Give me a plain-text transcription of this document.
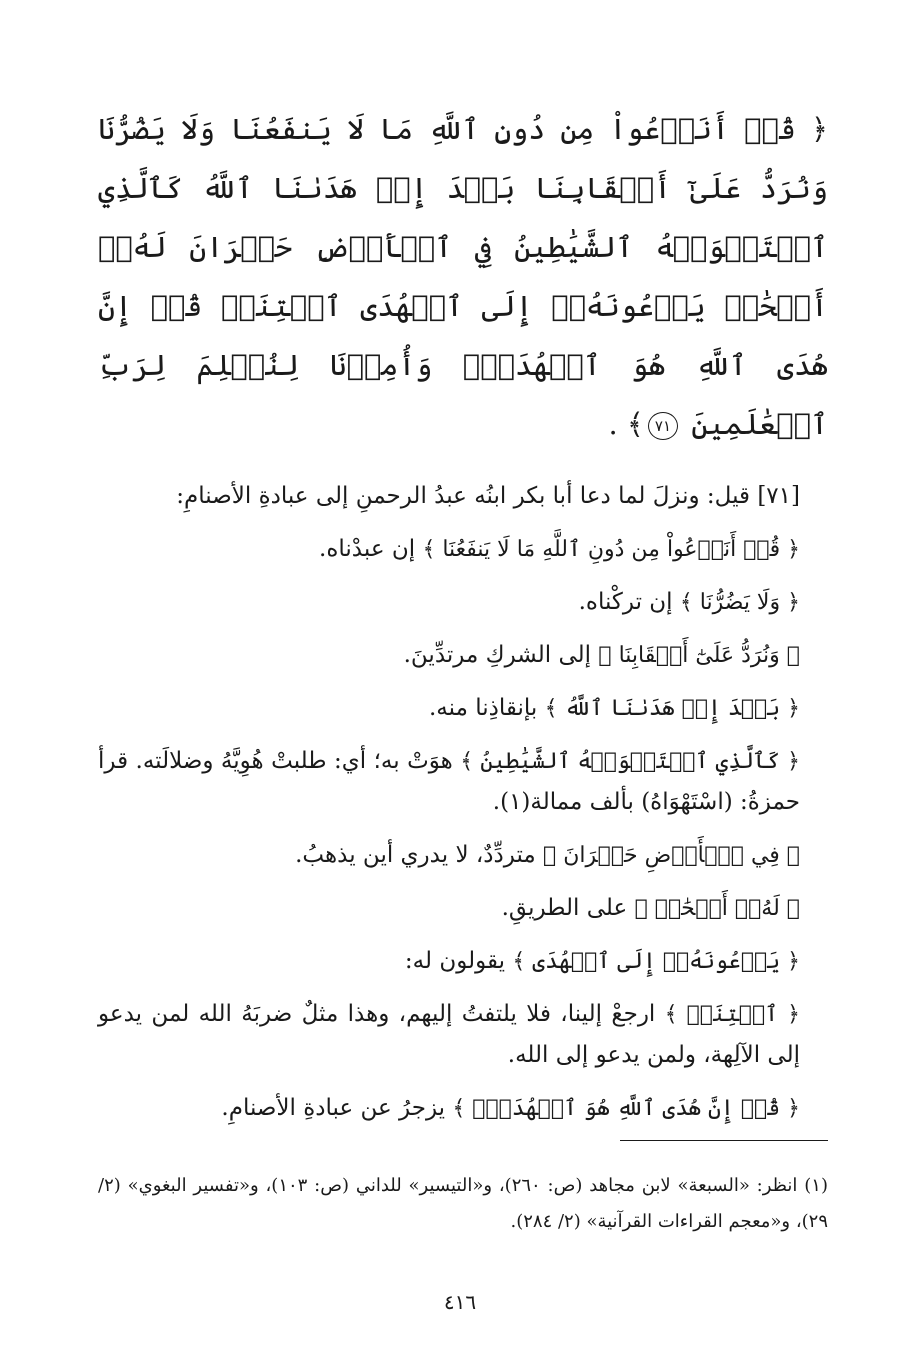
﴿ قُلۡ أَنَدۡعُواْ مِن دُونِ ٱللَّهِ مَا لَا يَنفَعُنَا وَلَا يَضُرُّنَا وَنُرَدُّ عَلَىٰٓ أَعۡقَابِنَا بَعۡدَ إِذۡ هَدَىٰنَا ٱللَّهُ كَٱلَّذِي ٱسۡتَهۡوَتۡهُ ٱلشَّيَٰطِينُ فِي ٱلۡأَرۡضِ حَيۡرَانَ لَهُۥٓ أَصۡحَٰبٞ يَدۡعُونَهُۥٓ إِلَى ٱلۡهُدَى ٱئۡتِنَاۗ قُلۡ إِنَّ هُدَى ٱللَّهِ هُوَ ٱلۡهُدَىٰۖ وَأُمِرۡنَا لِنُسۡلِمَ لِرَبِّ ٱلۡعَٰلَمِينَ ٧١﴾ .

[٧١] قيل: ونزلَ لما دعا أبا بكر ابنُه عبدُ الرحمنِ إلى عبادةِ الأصنامِ:

﴿ قُلۡ أَنَدۡعُواْ مِن دُونِ ٱللَّهِ مَا لَا يَنفَعُنَا ﴾ إن عبدْناه.

﴿ وَلَا يَضُرُّنَا ﴾ إن تركْناه.

﴿ وَنُرَدُّ عَلَىٰٓ أَعۡقَابِنَا ﴾ إلى الشركِ مرتدِّينَ.

﴿ بَعۡدَ إِذۡ هَدَىٰنَا ٱللَّهُ ﴾ بإنقاذِنا منه.

﴿ كَٱلَّذِي ٱسۡتَهۡوَتۡهُ ٱلشَّيَٰطِينُ ﴾ هوَتْ به؛ أي: طلبتْ هُوِيَّهُ وضلالَته. قرأ حمزةُ: (اسْتَهْوَاهُ) بألف ممالة(١).

﴿ فِي ٱلۡأَرۡضِ حَيۡرَانَ ﴾ متردِّدٌ، لا يدري أين يذهبُ.

﴿ لَهُۥٓ أَصۡحَٰبٞ ﴾ على الطريقِ.

﴿ يَدۡعُونَهُۥٓ إِلَى ٱلۡهُدَى ﴾ يقولون له:

﴿ ٱئۡتِنَاۗ ﴾ ارجعْ إلينا، فلا يلتفتُ إليهم، وهذا مثلٌ ضربَهُ الله لمن يدعو إلى الآلِهة، ولمن يدعو إلى الله.

﴿ قُلۡ إِنَّ هُدَى ٱللَّهِ هُوَ ٱلۡهُدَىٰۖ ﴾ يزجرُ عن عبادةِ الأصنامِ.

(١) انظر: «السبعة» لابن مجاهد (ص: ٢٦٠)، و«التيسير» للداني (ص: ١٠٣)، و«تفسير البغوي» (٢/ ٢٩)، و«معجم القراءات القرآنية» (٢/ ٢٨٤).
٤١٦
